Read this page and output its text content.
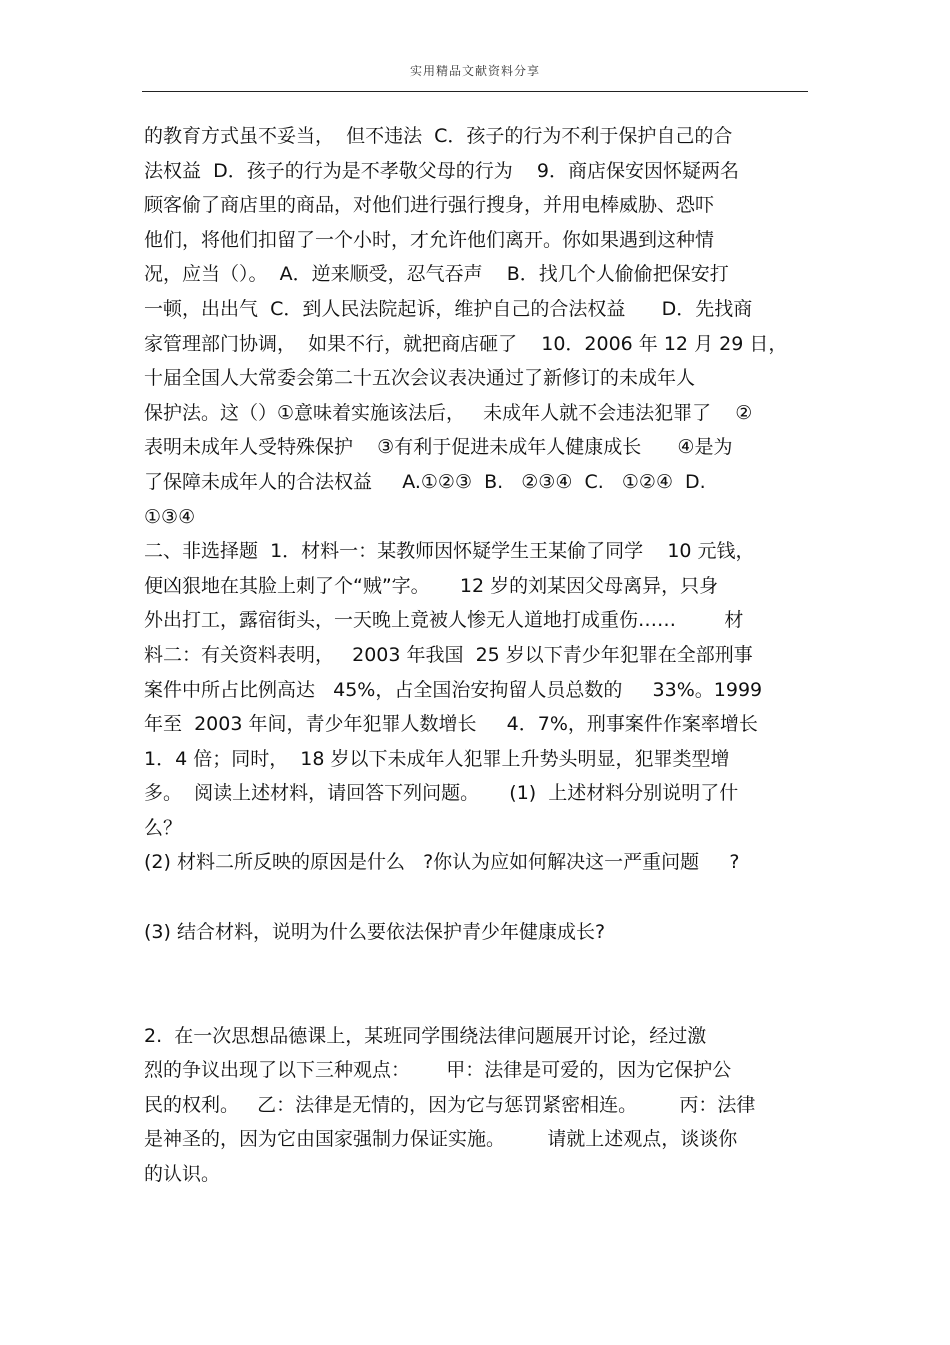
实用精品文献资料分享
的教育方式虽不妥当，  但不违法  C．孩子的行为不利于保护自己的合
法权益  D．孩子的行为是不孝敬父母的行为    9．商店保安因怀疑两名
顾客偷了商店里的商品，对他们进行强行搜身，并用电棒威胁、恐吓
他们，将他们扣留了一个小时，才允许他们离开。你如果遇到这种情
况，应当（）。  A．逆来顺受，忍气吞声    B．找几个人偷偷把保安打
一顿，出出气  C．到人民法院起诉，维护自己的合法权益      D．先找商
家管理部门协调，  如果不行，就把商店砸了    10．2006 年 12 月 29 日，
十届全国人大常委会第二十五次会议表决通过了新修订的未成年人
保护法。这（）①意味着实施该法后，   未成年人就不会违法犯罪了    ②
表明未成年人受特殊保护    ③有利于促进未成年人健康成长      ④是为
了保障未成年人的合法权益     A.①②③  B.   ②③④  C.   ①②④  D.
①③④
二、非选择题  1．材料一：某教师因怀疑学生王某偷了同学    10 元钱，
便凶狠地在其脸上刺了个“贼”字。     12 岁的刘某因父母离异，只身
外出打工，露宿街头，一天晚上竟被人惨无人道地打成重伤……        材
料二：有关资料表明，   2003 年我国  25 岁以下青少年犯罪在全部刑事
案件中所占比例高达   45%，占全国治安拘留人员总数的     33%。1999
年至  2003 年间，青少年犯罪人数增长     4．7%，刑事案件作案率增长
1．4 倍；同时，  18 岁以下未成年人犯罪上升势头明显，犯罪类型增
多。  阅读上述材料，请回答下列问题。     (1)  上述材料分别说明了什
么？
(2) 材料二所反映的原因是什么   ?你认为应如何解决这一严重问题     ?
(3) 结合材料，说明为什么要依法保护青少年健康成长?
2.  在一次思想品德课上，某班同学围绕法律问题展开讨论，经过激
烈的争议出现了以下三种观点：      甲：法律是可爱的，因为它保护公
民的权利。   乙：法律是无情的，因为它与惩罚紧密相连。       丙：法律
是神圣的，因为它由国家强制力保证实施。       请就上述观点，谈谈你
的认识。
